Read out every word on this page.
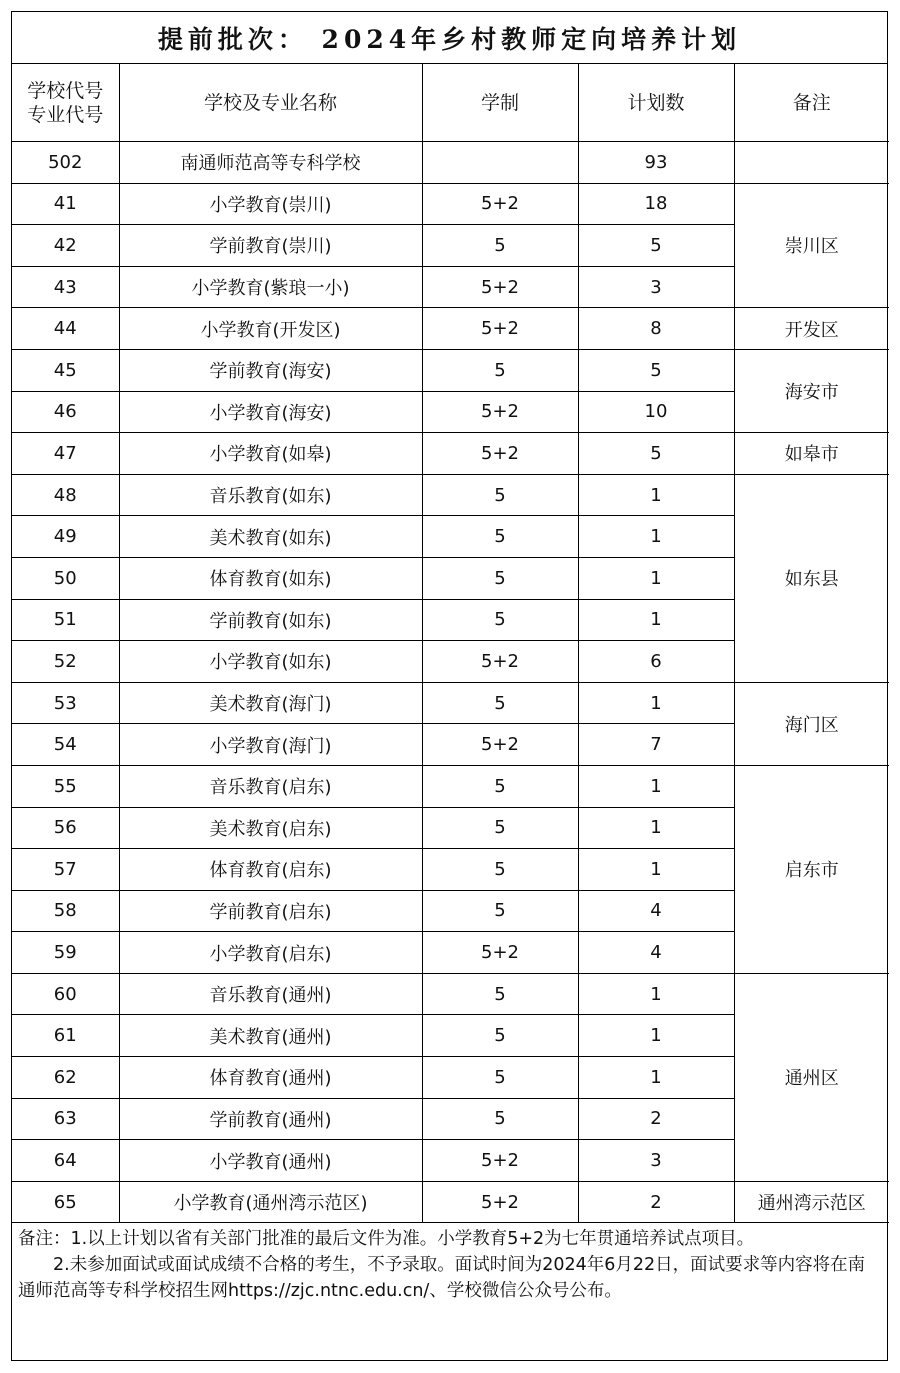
提前批次： 2024年乡村教师定向培养计划
学校代号
专业代号	学校及专业名称	学制	计划数	备注
502	南通师范高等专科学校		93	
41	小学教育(崇川)	5+2	18	崇川区
42	学前教育(崇川)	5	5	
43	小学教育(紫琅一小)	5+2	3	
44	小学教育(开发区)	5+2	8	开发区
45	学前教育(海安)	5	5	海安市
46	小学教育(海安)	5+2	10	
47	小学教育(如皋)	5+2	5	如皋市
48	音乐教育(如东)	5	1	如东县
49	美术教育(如东)	5	1	
50	体育教育(如东)	5	1	
51	学前教育(如东)	5	1	
52	小学教育(如东)	5+2	6	
53	美术教育(海门)	5	1	海门区
54	小学教育(海门)	5+2	7	
55	音乐教育(启东)	5	1	启东市
56	美术教育(启东)	5	1	
57	体育教育(启东)	5	1	
58	学前教育(启东)	5	4	
59	小学教育(启东)	5+2	4	
60	音乐教育(通州)	5	1	通州区
61	美术教育(通州)	5	1	
62	体育教育(通州)	5	1	
63	学前教育(通州)	5	2	
64	小学教育(通州)	5+2	3	
65	小学教育(通州湾示范区)	5+2	2	通州湾示范区

备注：1.以上计划以省有关部门批准的最后文件为准。小学教育5+2为七年贯通培养试点项目。

2.未参加面试或面试成绩不合格的考生，不予录取。面试时间为2024年6月22日，面试要求等内容将在南通师范高等专科学校招生网https://zjc.ntnc.edu.cn/、学校微信公众号公布。
